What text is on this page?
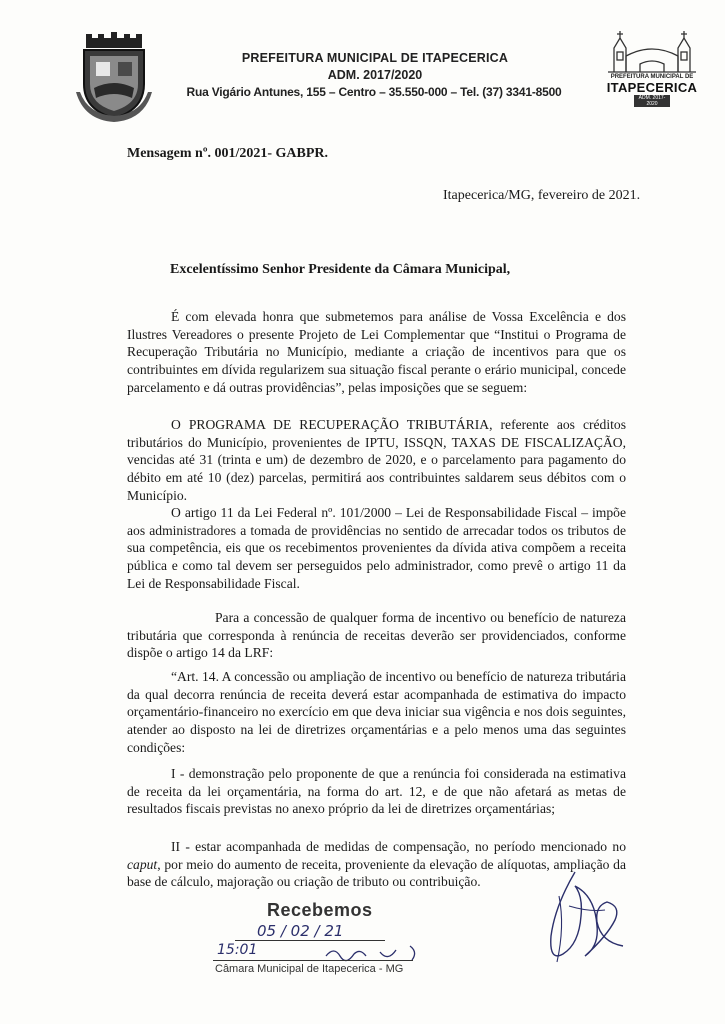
PREFEITURA MUNICIPAL DE ITAPECERICA
ADM. 2017/2020
Rua Vigário Antunes, 155 – Centro – 35.550-000 – Tel. (37) 3341-8500
PREFEITURA MUNICIPAL DE
ITAPECERICA
ADM. 2017-2020
Mensagem nº. 001/2021- GABPR.
Itapecerica/MG, fevereiro de 2021.
Excelentíssimo Senhor Presidente da Câmara Municipal,

É com elevada honra que submetemos para análise de Vossa Excelência e dos Ilustres Vereadores o presente Projeto de Lei Complementar que “Institui o Programa de Recuperação Tributária no Município, mediante a criação de incentivos para que os contribuintes em dívida regularizem sua situação fiscal perante o erário municipal, concede parcelamento e dá outras providências”, pelas imposições que se seguem:

O PROGRAMA DE RECUPERAÇÃO TRIBUTÁRIA, referente aos créditos tributários do Município, provenientes de IPTU, ISSQN, TAXAS DE FISCALIZAÇÃO, vencidas até 31 (trinta e um) de dezembro de 2020, e o parcelamento para pagamento do débito em até 10 (dez) parcelas, permitirá aos contribuintes saldarem seus débitos com o Município.

O artigo 11 da Lei Federal nº. 101/2000 – Lei de Responsabilidade Fiscal – impõe aos administradores a tomada de providências no sentido de arrecadar todos os tributos de sua competência, eis que os recebimentos provenientes da dívida ativa compõem a receita pública e como tal devem ser perseguidos pelo administrador, como prevê o artigo 11 da Lei de Responsabilidade Fiscal.

Para a concessão de qualquer forma de incentivo ou benefício de natureza tributária que corresponda à renúncia de receitas deverão ser providenciados, conforme dispõe o artigo 14 da LRF:

“Art. 14. A concessão ou ampliação de incentivo ou benefício de natureza tributária da qual decorra renúncia de receita deverá estar acompanhada de estimativa do impacto orçamentário-financeiro no exercício em que deva iniciar sua vigência e nos dois seguintes, atender ao disposto na lei de diretrizes orçamentárias e a pelo menos uma das seguintes condições:

I - demonstração pelo proponente de que a renúncia foi considerada na estimativa de receita da lei orçamentária, na forma do art. 12, e de que não afetará as metas de resultados fiscais previstas no anexo próprio da lei de diretrizes orçamentárias;

II - estar acompanhada de medidas de compensação, no período mencionado no caput, por meio do aumento de receita, proveniente da elevação de alíquotas, ampliação da base de cálculo, majoração ou criação de tributo ou contribuição.

Recebemos
05 / 02 / 21
15:01
Câmara Municipal de Itapecerica - MG
